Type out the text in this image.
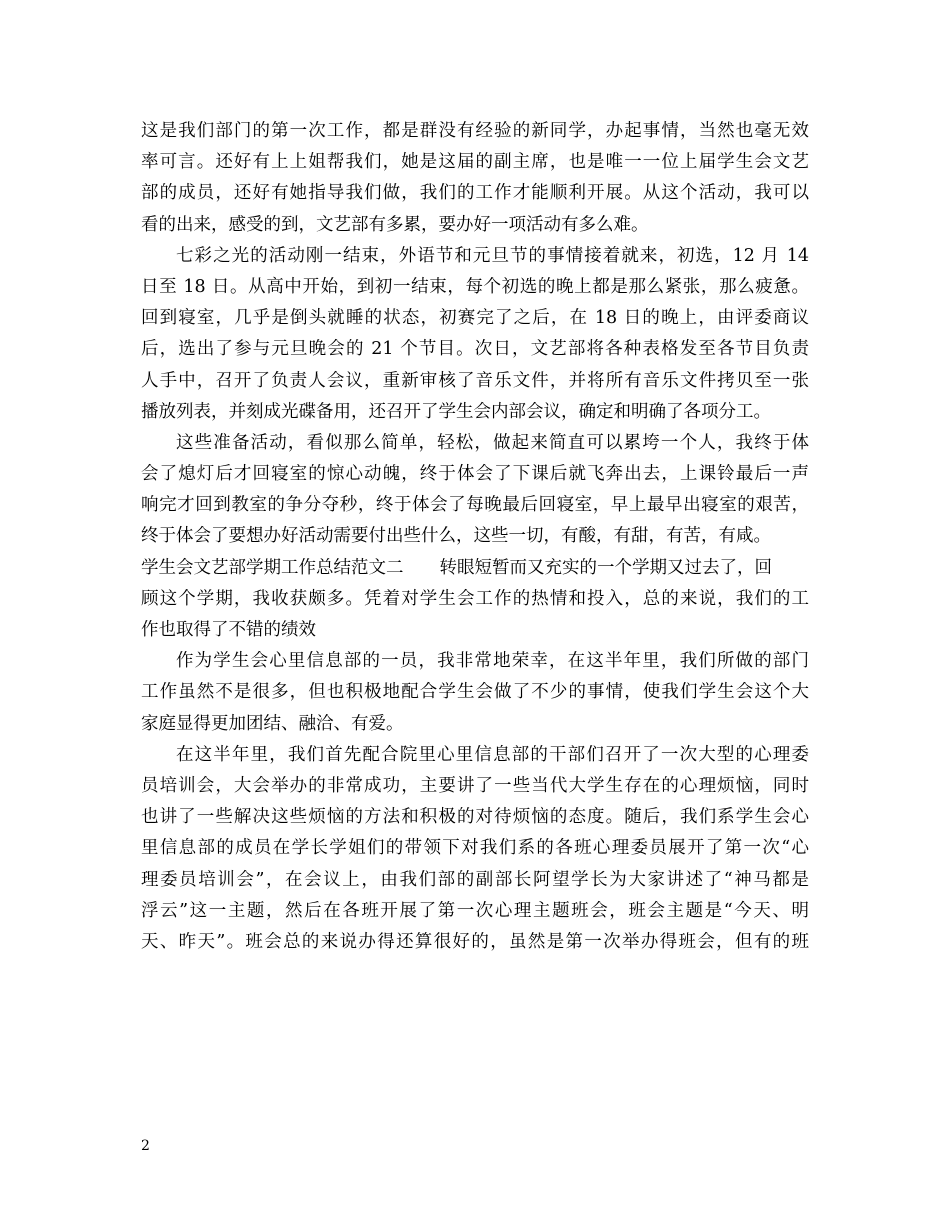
这是我们部门的第一次工作，都是群没有经验的新同学，办起事情，当然也毫无效
率可言。还好有上上姐帮我们，她是这届的副主席，也是唯一一位上届学生会文艺
部的成员，还好有她指导我们做，我们的工作才能顺利开展。从这个活动，我可以
看的出来，感受的到，文艺部有多累，要办好一项活动有多么难。
七彩之光的活动刚一结束，外语节和元旦节的事情接着就来，初选，12 月 14
日至 18 日。从高中开始，到初一结束，每个初选的晚上都是那么紧张，那么疲惫。
回到寝室，几乎是倒头就睡的状态，初赛完了之后，在 18 日的晚上，由评委商议
后，选出了参与元旦晚会的 21 个节目。次日，文艺部将各种表格发至各节目负责
人手中，召开了负责人会议，重新审核了音乐文件，并将所有音乐文件拷贝至一张
播放列表，并刻成光碟备用，还召开了学生会内部会议，确定和明确了各项分工。
这些准备活动，看似那么简单，轻松，做起来简直可以累垮一个人，我终于体
会了熄灯后才回寝室的惊心动魄，终于体会了下课后就飞奔出去，上课铃最后一声
响完才回到教室的争分夺秒，终于体会了每晚最后回寝室，早上最早出寝室的艰苦，
终于体会了要想办好活动需要付出些什么，这些一切，有酸，有甜，有苦，有咸。
学生会文艺部学期工作总结范文二 转眼短暂而又充实的一个学期又过去了，回
顾这个学期，我收获颇多。凭着对学生会工作的热情和投入，总的来说，我们的工
作也取得了不错的绩效
作为学生会心里信息部的一员，我非常地荣幸，在这半年里，我们所做的部门
工作虽然不是很多，但也积极地配合学生会做了不少的事情，使我们学生会这个大
家庭显得更加团结、融洽、有爱。
在这半年里，我们首先配合院里心里信息部的干部们召开了一次大型的心理委
员培训会，大会举办的非常成功，主要讲了一些当代大学生存在的心理烦恼，同时
也讲了一些解决这些烦恼的方法和积极的对待烦恼的态度。随后，我们系学生会心
里信息部的成员在学长学姐们的带领下对我们系的各班心理委员展开了第一次“心
理委员培训会”，在会议上，由我们部的副部长阿望学长为大家讲述了“神马都是
浮云”这一主题，然后在各班开展了第一次心理主题班会，班会主题是“今天、明
天、昨天”。班会总的来说办得还算很好的，虽然是第一次举办得班会，但有的班
2
